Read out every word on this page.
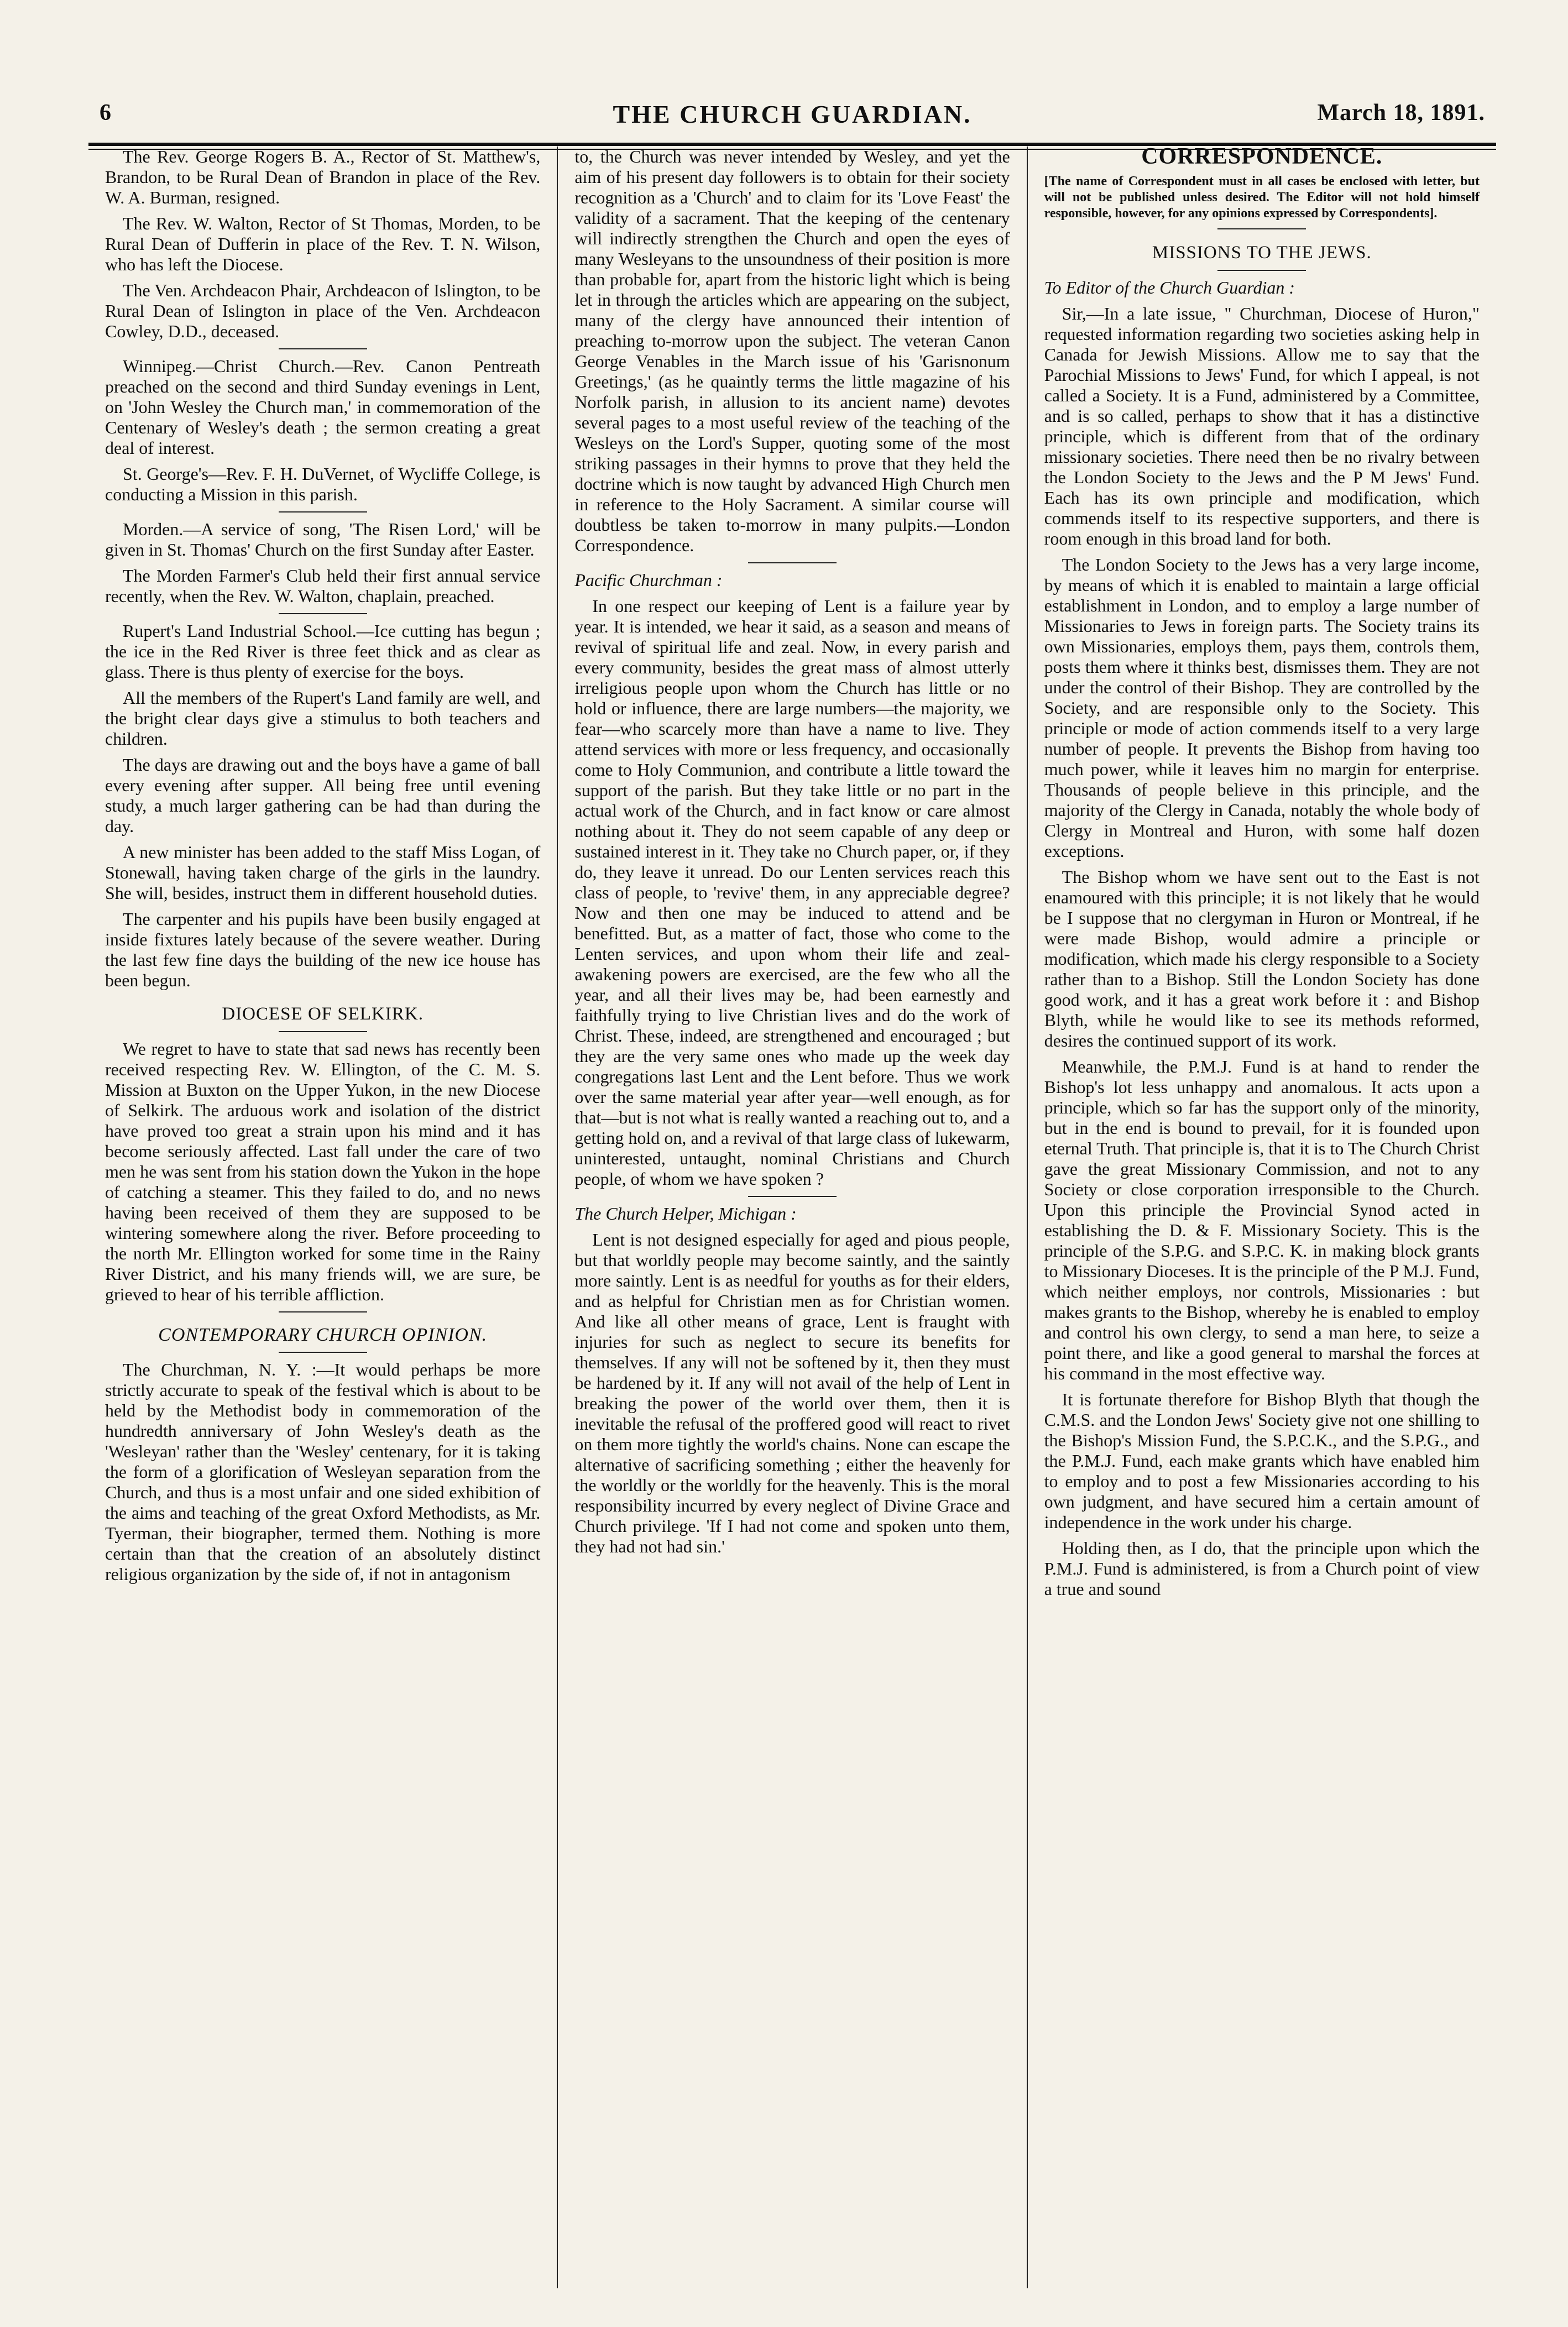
6	THE CHURCH GUARDIAN.	March 18, 1891.

The Rev. George Rogers B. A., Rector of St. Matthew's, Brandon, to be Rural Dean of Brandon in place of the Rev. W. A. Burman, resigned.

The Rev. W. Walton, Rector of St Thomas, Morden, to be Rural Dean of Dufferin in place of the Rev. T. N. Wilson, who has left the Diocese.

The Ven. Archdeacon Phair, Archdeacon of Islington, to be Rural Dean of Islington in place of the Ven. Archdeacon Cowley, D.D., deceased.

Winnipeg.—Christ Church.—Rev. Canon Pentreath preached on the second and third Sunday evenings in Lent, on 'John Wesley the Church man,' in commemoration of the Centenary of Wesley's death ; the sermon creating a great deal of interest.

St. George's—Rev. F. H. DuVernet, of Wycliffe College, is conducting a Mission in this parish.

Morden.—A service of song, 'The Risen Lord,' will be given in St. Thomas' Church on the first Sunday after Easter.

The Morden Farmer's Club held their first annual service recently, when the Rev. W. Walton, chaplain, preached.

Rupert's Land Industrial School.—Ice cutting has begun ; the ice in the Red River is three feet thick and as clear as glass. There is thus plenty of exercise for the boys.

All the members of the Rupert's Land family are well, and the bright clear days give a stimulus to both teachers and children.

The days are drawing out and the boys have a game of ball every evening after supper. All being free until evening study, a much larger gathering can be had than during the day.

A new minister has been added to the staff Miss Logan, of Stonewall, having taken charge of the girls in the laundry. She will, besides, instruct them in different household duties.

The carpenter and his pupils have been busily engaged at inside fixtures lately because of the severe weather. During the last few fine days the building of the new ice house has been begun.

DIOCESE OF SELKIRK.

We regret to have to state that sad news has recently been received respecting Rev. W. Ellington, of the C. M. S. Mission at Buxton on the Upper Yukon, in the new Diocese of Selkirk. The arduous work and isolation of the district have proved too great a strain upon his mind and it has become seriously affected. Last fall under the care of two men he was sent from his station down the Yukon in the hope of catching a steamer. This they failed to do, and no news having been received of them they are supposed to be wintering somewhere along the river. Before proceeding to the north Mr. Ellington worked for some time in the Rainy River District, and his many friends will, we are sure, be grieved to hear of his terrible affliction.

CONTEMPORARY CHURCH OPINION.

The Churchman, N. Y. :—It would perhaps be more strictly accurate to speak of the festival which is about to be held by the Methodist body in commemoration of the hundredth anniversary of John Wesley's death as the 'Wesleyan' rather than the 'Wesley' centenary, for it is taking the form of a glorification of Wesleyan separation from the Church, and thus is a most unfair and one sided exhibition of the aims and teaching of the great Oxford Methodists, as Mr. Tyerman, their biographer, termed them. Nothing is more certain than that the creation of an absolutely distinct religious organization by the side of, if not in antagonism

to, the Church was never intended by Wesley, and yet the aim of his present day followers is to obtain for their society recognition as a 'Church' and to claim for its 'Love Feast' the validity of a sacrament. That the keeping of the centenary will indirectly strengthen the Church and open the eyes of many Wesleyans to the unsoundness of their position is more than probable for, apart from the historic light which is being let in through the articles which are appearing on the subject, many of the clergy have announced their intention of preaching to-morrow upon the subject. The veteran Canon George Venables in the March issue of his 'Garisnonum Greetings,' (as he quaintly terms the little magazine of his Norfolk parish, in allusion to its ancient name) devotes several pages to a most useful review of the teaching of the Wesleys on the Lord's Supper, quoting some of the most striking passages in their hymns to prove that they held the doctrine which is now taught by advanced High Church men in reference to the Holy Sacrament. A similar course will doubtless be taken to-morrow in many pulpits.—London Correspondence.

Pacific Churchman :

In one respect our keeping of Lent is a failure year by year. It is intended, we hear it said, as a season and means of revival of spiritual life and zeal. Now, in every parish and every community, besides the great mass of almost utterly irreligious people upon whom the Church has little or no hold or influence, there are large numbers—the majority, we fear—who scarcely more than have a name to live. They attend services with more or less frequency, and occasionally come to Holy Communion, and contribute a little toward the support of the parish. But they take little or no part in the actual work of the Church, and in fact know or care almost nothing about it. They do not seem capable of any deep or sustained interest in it. They take no Church paper, or, if they do, they leave it unread. Do our Lenten services reach this class of people, to 'revive' them, in any appreciable degree? Now and then one may be induced to attend and be benefitted. But, as a matter of fact, those who come to the Lenten services, and upon whom their life and zeal-awakening powers are exercised, are the few who all the year, and all their lives may be, had been earnestly and faithfully trying to live Christian lives and do the work of Christ. These, indeed, are strengthened and encouraged ; but they are the very same ones who made up the week day congregations last Lent and the Lent before. Thus we work over the same material year after year—well enough, as for that—but is not what is really wanted a reaching out to, and a getting hold on, and a revival of that large class of lukewarm, uninterested, untaught, nominal Christians and Church people, of whom we have spoken ?

The Church Helper, Michigan :

Lent is not designed especially for aged and pious people, but that worldly people may become saintly, and the saintly more saintly. Lent is as needful for youths as for their elders, and as helpful for Christian men as for Christian women. And like all other means of grace, Lent is fraught with injuries for such as neglect to secure its benefits for themselves. If any will not be softened by it, then they must be hardened by it. If any will not avail of the help of Lent in breaking the power of the world over them, then it is inevitable the refusal of the proffered good will react to rivet on them more tightly the world's chains. None can escape the alternative of sacrificing something ; either the heavenly for the worldly or the worldly for the heavenly. This is the moral responsibility incurred by every neglect of Divine Grace and Church privilege. 'If I had not come and spoken unto them, they had not had sin.'

CORRESPONDENCE.

[The name of Correspondent must in all cases be enclosed with letter, but will not be published unless desired. The Editor will not hold himself responsible, however, for any opinions expressed by Correspondents].

MISSIONS TO THE JEWS.

To Editor of the Church Guardian :

Sir,—In a late issue, " Churchman, Diocese of Huron," requested information regarding two societies asking help in Canada for Jewish Missions. Allow me to say that the Parochial Missions to Jews' Fund, for which I appeal, is not called a Society. It is a Fund, administered by a Committee, and is so called, perhaps to show that it has a distinctive principle, which is different from that of the ordinary missionary societies. There need then be no rivalry between the London Society to the Jews and the P M Jews' Fund. Each has its own principle and modification, which commends itself to its respective supporters, and there is room enough in this broad land for both.

The London Society to the Jews has a very large income, by means of which it is enabled to maintain a large official establishment in London, and to employ a large number of Missionaries to Jews in foreign parts. The Society trains its own Missionaries, employs them, pays them, controls them, posts them where it thinks best, dismisses them. They are not under the control of their Bishop. They are controlled by the Society, and are responsible only to the Society. This principle or mode of action commends itself to a very large number of people. It prevents the Bishop from having too much power, while it leaves him no margin for enterprise. Thousands of people believe in this principle, and the majority of the Clergy in Canada, notably the whole body of Clergy in Montreal and Huron, with some half dozen exceptions.

The Bishop whom we have sent out to the East is not enamoured with this principle; it is not likely that he would be I suppose that no clergyman in Huron or Montreal, if he were made Bishop, would admire a principle or modification, which made his clergy responsible to a Society rather than to a Bishop. Still the London Society has done good work, and it has a great work before it : and Bishop Blyth, while he would like to see its methods reformed, desires the continued support of its work.

Meanwhile, the P.M.J. Fund is at hand to render the Bishop's lot less unhappy and anomalous. It acts upon a principle, which so far has the support only of the minority, but in the end is bound to prevail, for it is founded upon eternal Truth. That principle is, that it is to The Church Christ gave the great Missionary Commission, and not to any Society or close corporation irresponsible to the Church. Upon this principle the Provincial Synod acted in establishing the D. & F. Missionary Society. This is the principle of the S.P.G. and S.P.C. K. in making block grants to Missionary Dioceses. It is the principle of the P M.J. Fund, which neither employs, nor controls, Missionaries : but makes grants to the Bishop, whereby he is enabled to employ and control his own clergy, to send a man here, to seize a point there, and like a good general to marshal the forces at his command in the most effective way.

It is fortunate therefore for Bishop Blyth that though the C.M.S. and the London Jews' Society give not one shilling to the Bishop's Mission Fund, the S.P.C.K., and the S.P.G., and the P.M.J. Fund, each make grants which have enabled him to employ and to post a few Missionaries according to his own judgment, and have secured him a certain amount of independence in the work under his charge.

Holding then, as I do, that the principle upon which the P.M.J. Fund is administered, is from a Church point of view a true and sound
